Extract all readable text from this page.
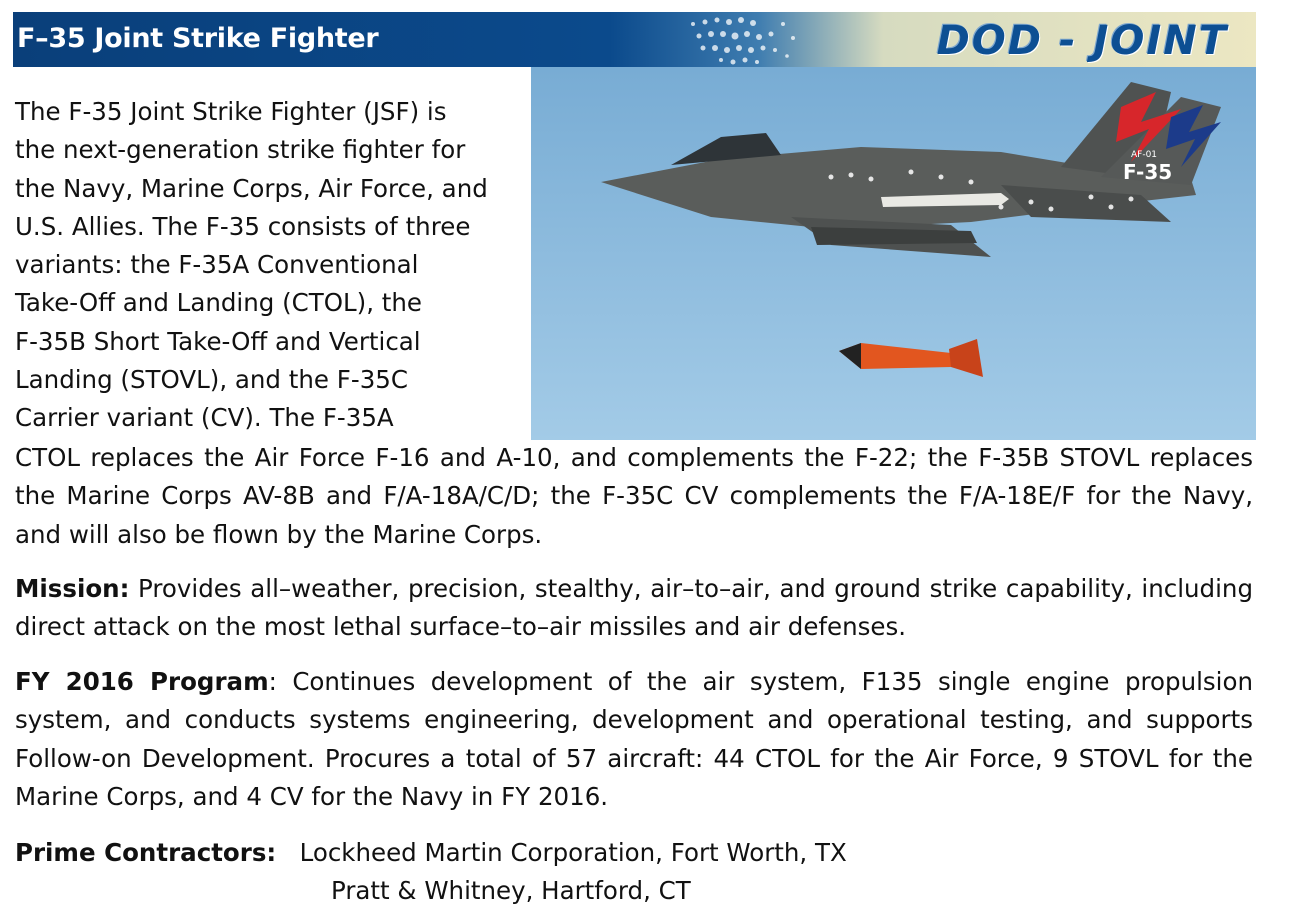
F–35 Joint Strike Fighter	DOD - JOINT
F-35
AF-01
The F-35 Joint Strike Fighter (JSF) is
the next-generation strike fighter for
the Navy, Marine Corps, Air Force, and
U.S. Allies. The F-35 consists of three
variants: the F-35A Conventional
Take-Off and Landing (CTOL), the
F-35B Short Take-Off and Vertical
Landing (STOVL), and the F-35C
Carrier variant (CV). The F-35A
CTOL replaces the Air Force F-16 and A-10, and complements the F-22; the F-35B STOVL replaces the Marine Corps AV-8B and F/A-18A/C/D; the F-35C CV complements the F/A-18E/F for the Navy, and will also be flown by the Marine Corps.
Mission: Provides all–weather, precision, stealthy, air–to–air, and ground strike capability, including direct attack on the most lethal surface–to–air missiles and air defenses.
FY 2016 Program: Continues development of the air system, F135 single engine propulsion system, and conducts systems engineering, development and operational testing, and supports Follow-on Development. Procures a total of 57 aircraft: 44 CTOL for the Air Force, 9 STOVL for the Marine Corps, and 4 CV for the Navy in FY 2016.
Prime Contractors: Lockheed Martin Corporation, Fort Worth, TX
Pratt & Whitney, Hartford, CT
